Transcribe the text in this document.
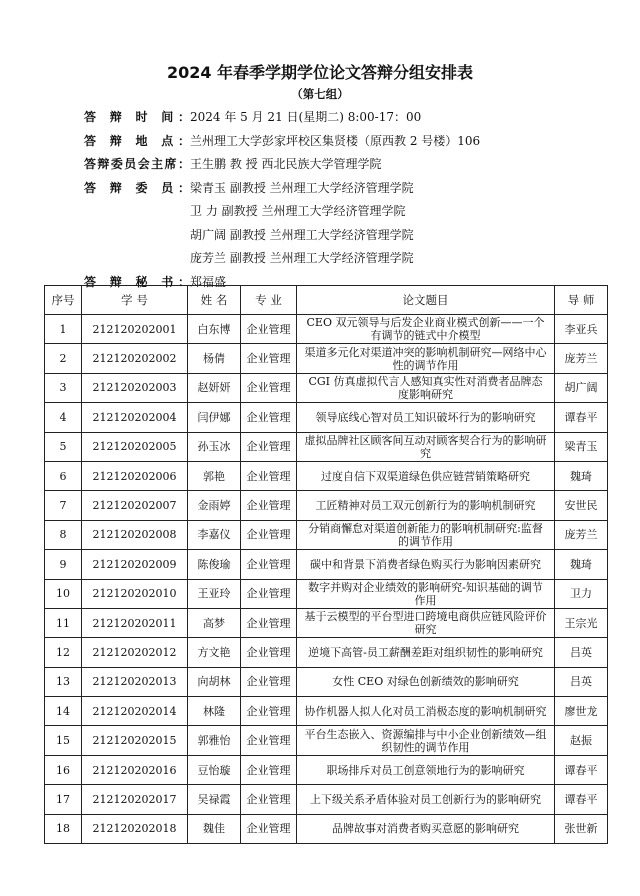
2024 年春季学期学位论文答辩分组安排表
（第七组）
答 辩 时 间：2024 年 5 月 21 日(星期二) 8:00-17：00
答 辩 地 点：兰州理工大学彭家坪校区集贤楼（原西教 2 号楼）106
答辩委员会主席：王生鹏 教 授 西北民族大学管理学院
答 辩 委 员：梁青玉 副教授 兰州理工大学经济管理学院
卫 力 副教授 兰州理工大学经济管理学院
胡广阔 副教授 兰州理工大学经济管理学院
庞芳兰 副教授 兰州理工大学经济管理学院
答 辩 秘 书：郑福盛
序号	学 号	姓 名	专 业	论文题目	导 师
1	212120202001	白东博	企业管理	CEO 双元领导与后发企业商业模式创新——一个有调节的链式中介模型	李亚兵
2	212120202002	杨倩	企业管理	渠道多元化对渠道冲突的影响机制研究—网络中心性的调节作用	庞芳兰
3	212120202003	赵妍妍	企业管理	CGI 仿真虚拟代言人感知真实性对消费者品牌态度影响研究	胡广阔
4	212120202004	闫伊娜	企业管理	领导底线心智对员工知识破坏行为的影响研究	谭春平
5	212120202005	孙玉冰	企业管理	虚拟品牌社区顾客间互动对顾客契合行为的影响研究	梁青玉
6	212120202006	郭艳	企业管理	过度自信下双渠道绿色供应链营销策略研究	魏琦
7	212120202007	金雨婷	企业管理	工匠精神对员工双元创新行为的影响机制研究	安世民
8	212120202008	李嘉仪	企业管理	分销商懈怠对渠道创新能力的影响机制研究:监督的调节作用	庞芳兰
9	212120202009	陈俊瑜	企业管理	碳中和背景下消费者绿色购买行为影响因素研究	魏琦
10	212120202010	王亚玲	企业管理	数字并购对企业绩效的影响研究-知识基础的调节作用	卫力
11	212120202011	高梦	企业管理	基于云模型的平台型进口跨境电商供应链风险评价研究	王宗光
12	212120202012	方文艳	企业管理	逆境下高管-员工薪酬差距对组织韧性的影响研究	吕英
13	212120202013	向胡林	企业管理	女性 CEO 对绿色创新绩效的影响研究	吕英
14	212120202014	林隆	企业管理	协作机器人拟人化对员工消极态度的影响机制研究	廖世龙
15	212120202015	郭雅怡	企业管理	平台生态嵌入、资源编排与中小企业创新绩效—组织韧性的调节作用	赵振
16	212120202016	豆怡璇	企业管理	职场排斥对员工创意领地行为的影响研究	谭春平
17	212120202017	吴禄霞	企业管理	上下级关系矛盾体验对员工创新行为的影响研究	谭春平
18	212120202018	魏佳	企业管理	品牌故事对消费者购买意愿的影响研究	张世新
